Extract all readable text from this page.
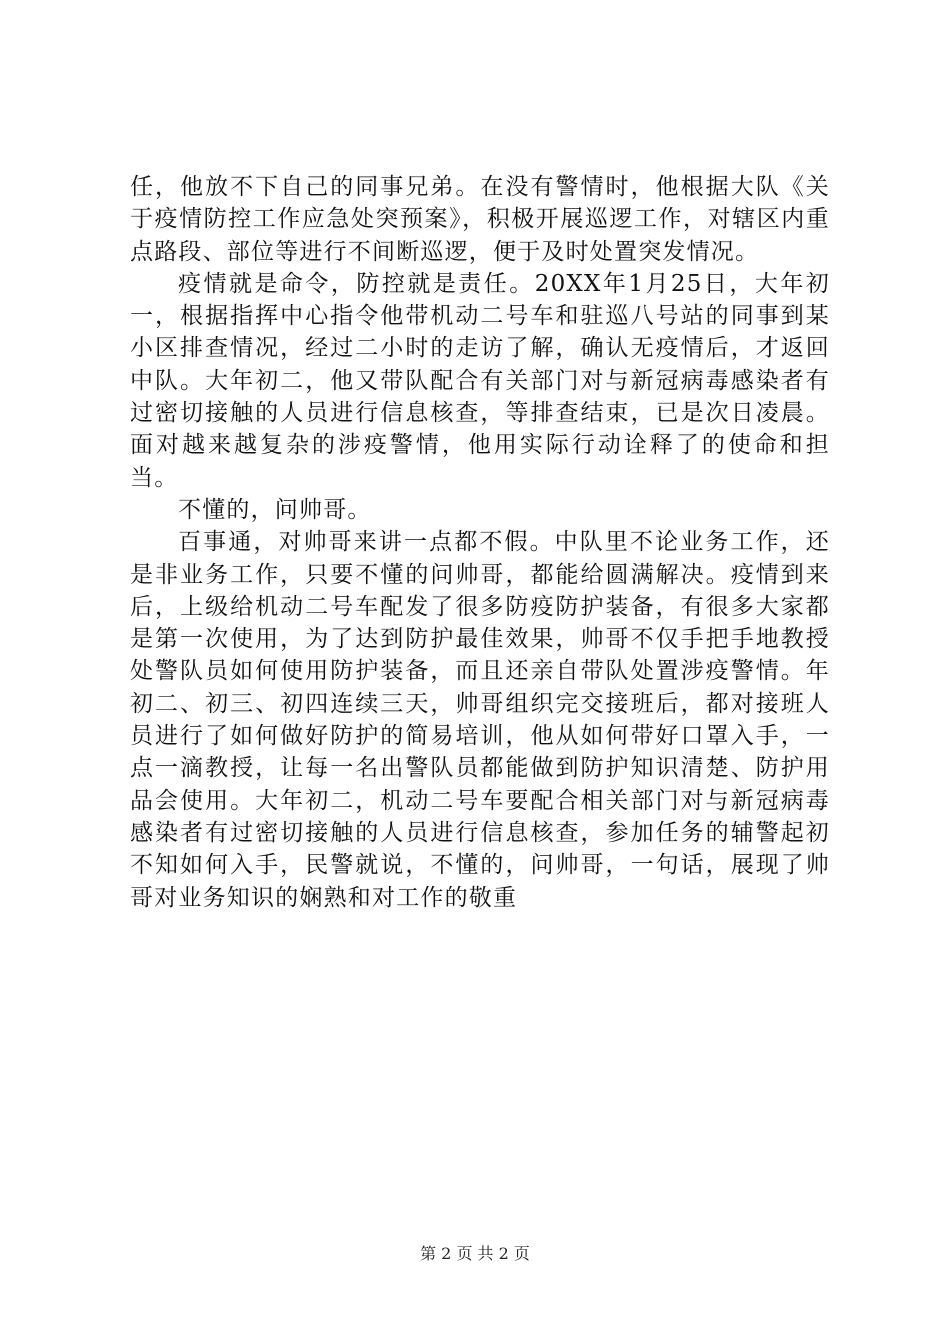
任，他放不下自己的同事兄弟。在没有警情时，他根据大队《关于疫情防控工作应急处突预案》，积极开展巡逻工作，对辖区内重点路段、部位等进行不间断巡逻，便于及时处置突发情况。

疫情就是命令，防控就是责任。20XX年1月25日，大年初一，根据指挥中心指令他带机动二号车和驻巡八号站的同事到某小区排查情况，经过二小时的走访了解，确认无疫情后，才返回中队。大年初二，他又带队配合有关部门对与新冠病毒感染者有过密切接触的人员进行信息核查，等排查结束，已是次日凌晨。面对越来越复杂的涉疫警情，他用实际行动诠释了的使命和担当。

不懂的，问帅哥。

百事通，对帅哥来讲一点都不假。中队里不论业务工作，还是非业务工作，只要不懂的问帅哥，都能给圆满解决。疫情到来后，上级给机动二号车配发了很多防疫防护装备，有很多大家都是第一次使用，为了达到防护最佳效果，帅哥不仅手把手地教授处警队员如何使用防护装备，而且还亲自带队处置涉疫警情。年初二、初三、初四连续三天，帅哥组织完交接班后，都对接班人员进行了如何做好防护的简易培训，他从如何带好口罩入手，一点一滴教授，让每一名出警队员都能做到防护知识清楚、防护用品会使用。大年初二，机动二号车要配合相关部门对与新冠病毒感染者有过密切接触的人员进行信息核查，参加任务的辅警起初不知如何入手，民警就说，不懂的，问帅哥，一句话，展现了帅哥对业务知识的娴熟和对工作的敬重

第 2 页 共 2 页
